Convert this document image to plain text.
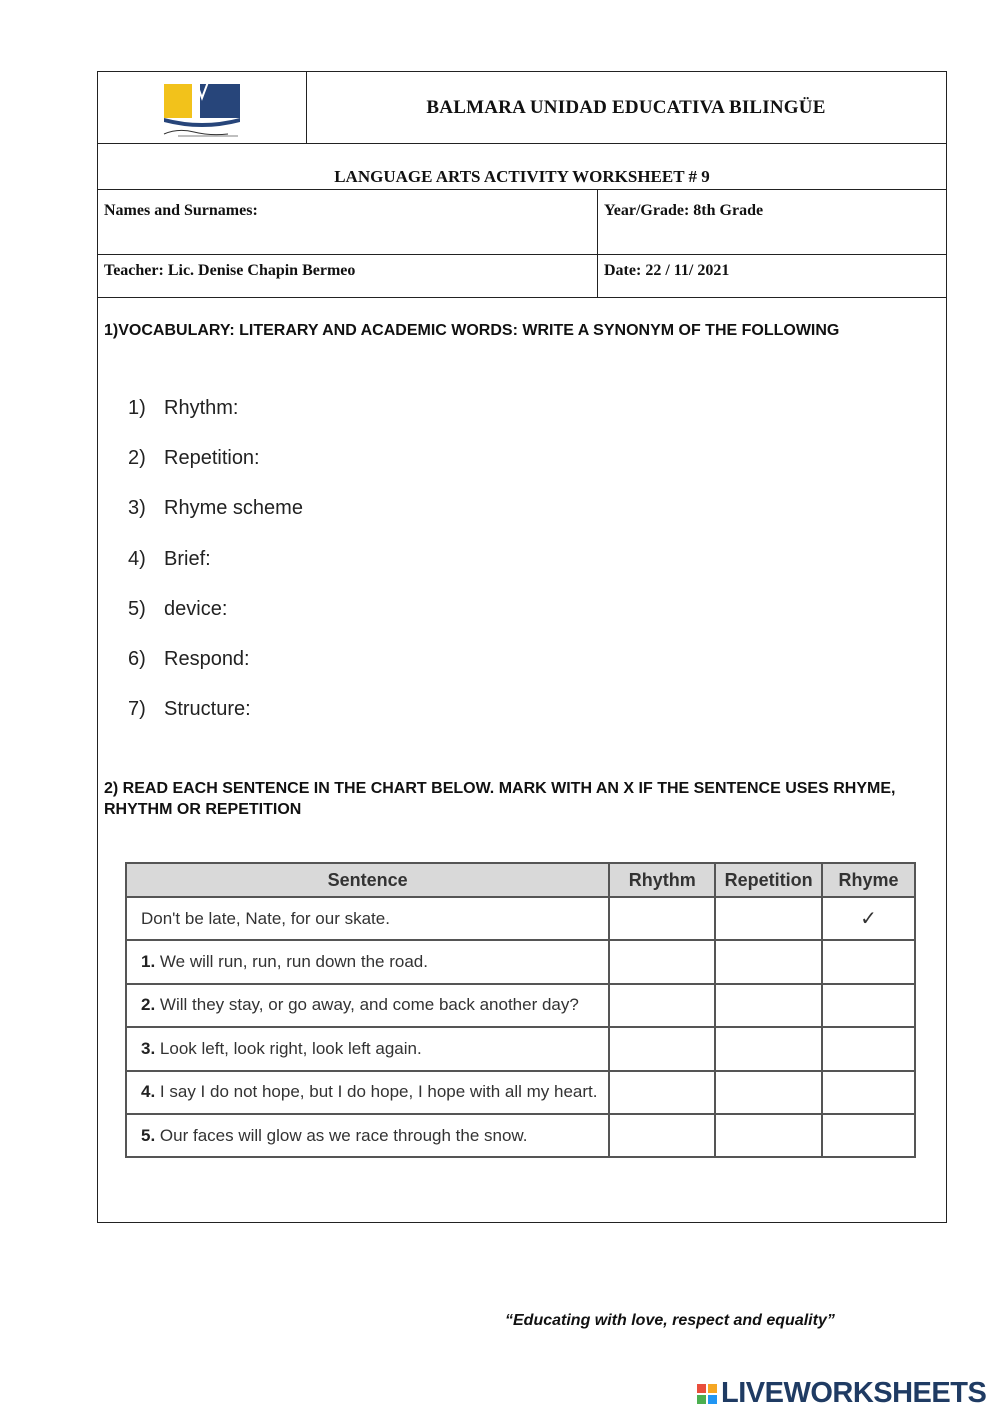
BALMARA UNIDAD EDUCATIVA BILINGÜE
LANGUAGE ARTS ACTIVITY WORKSHEET # 9
Names and Surnames:	Year/Grade: 8th Grade
Teacher: Lic. Denise Chapin Bermeo	Date: 22 / 11/ 2021
1)VOCABULARY: LITERARY AND ACADEMIC WORDS: WRITE A SYNONYM OF THE FOLLOWING
1) Rhythm:
2) Repetition:
3) Rhyme scheme
4) Brief:
5) device:
6) Respond:
7) Structure:
2) READ EACH SENTENCE IN THE CHART BELOW. MARK WITH AN X IF THE SENTENCE USES RHYME, RHYTHM OR REPETITION
Sentence	Rhythm	Repetition	Rhyme
Don't be late, Nate, for our skate.			✓
1. We will run, run, run down the road.			
2. Will they stay, or go away, and come back another day?			
3. Look left, look right, look left again.			
4. I say I do not hope, but I do hope, I hope with all my heart.			
5. Our faces will glow as we race through the snow.			
“Educating with love, respect and equality”
LIVEWORKSHEETS
